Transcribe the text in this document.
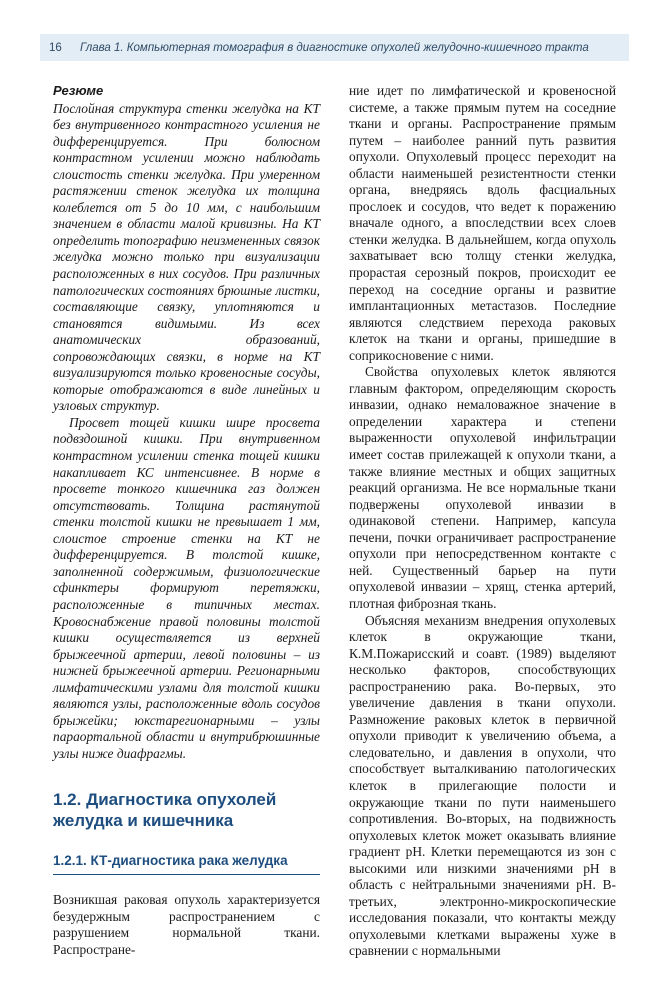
16	Глава 1. Компьютерная томография в диагностике опухолей желудочно-кишечного тракта
Резюме

Послойная структура стенки желудка на КТ без внутривенного контрастного усиления не дифференцируется. При болюсном контрастном усилении можно наблюдать слоистость стенки желудка. При умеренном растяжении стенок желудка их толщина колеблется от 5 до 10 мм, с наибольшим значением в области малой кривизны. На КТ определить топографию неизмененных связок желудка можно только при визуализации расположенных в них сосудов. При различных патологических состояниях брюшные листки, составляющие связку, уплотняются и становятся видимыми. Из всех анатомических образований, сопровождающих связки, в норме на КТ визуализируются только кровеносные сосуды, которые отображаются в виде линейных и узловых структур.

Просвет тощей кишки шире просвета подвздошной кишки. При внутривенном контрастном усилении стенка тощей кишки накапливает КС интенсивнее. В норме в просвете тонкого кишечника газ должен отсутствовать. Толщина растянутой стенки толстой кишки не превышает 1 мм, слоистое строение стенки на КТ не дифференцируется. В толстой кишке, заполненной содержимым, физиологические сфинктеры формируют перетяжки, расположенные в типичных местах. Кровоснабжение правой половины толстой кишки осуществляется из верхней брыжеечной артерии, левой половины – из нижней брыжеечной артерии. Регионарными лимфатическими узлами для толстой кишки являются узлы, расположенные вдоль сосудов брыжейки; юкстарегионарными – узлы параортальной области и внутрибрюшинные узлы ниже диафрагмы.

1.2. Диагностика опухолей желудка и кишечника
1.2.1. КТ-диагностика рака желудка

Возникшая раковая опухоль характеризуется безудержным распространением с разрушением нормальной ткани. Распростране-

ние идет по лимфатической и кровеносной системе, а также прямым путем на соседние ткани и органы. Распространение прямым путем – наиболее ранний путь развития опухоли. Опухолевый процесс переходит на области наименьшей резистентности стенки органа, внедряясь вдоль фасциальных прослоек и сосудов, что ведет к поражению вначале одного, а впоследствии всех слоев стенки желудка. В дальнейшем, когда опухоль захватывает всю толщу стенки желудка, прорастая серозный покров, происходит ее переход на соседние органы и развитие имплантационных метастазов. Последние являются следствием перехода раковых клеток на ткани и органы, пришедшие в соприкосновение с ними.

Свойства опухолевых клеток являются главным фактором, определяющим скорость инвазии, однако немаловажное значение в определении характера и степени выраженности опухолевой инфильтрации имеет состав прилежащей к опухоли ткани, а также влияние местных и общих защитных реакций организма. Не все нормальные ткани подвержены опухолевой инвазии в одинаковой степени. Например, капсула печени, почки ограничивает распространение опухоли при непосредственном контакте с ней. Существенный барьер на пути опухолевой инвазии – хрящ, стенка артерий, плотная фиброзная ткань.

Объясняя механизм внедрения опухолевых клеток в окружающие ткани, К.М.Пожарисский и соавт. (1989) выделяют несколько факторов, способствующих распространению рака. Во-первых, это увеличение давления в ткани опухоли. Размножение раковых клеток в первичной опухоли приводит к увеличению объема, а следовательно, и давления в опухоли, что способствует выталкиванию патологических клеток в прилегающие полости и окружающие ткани по пути наименьшего сопротивления. Во-вторых, на подвижность опухолевых клеток может оказывать влияние градиент pH. Клетки перемещаются из зон с высокими или низкими значениями pH в область с нейтральными значениями pH. В-третьих, электронно-микроскопические исследования показали, что контакты между опухолевыми клетками выражены хуже в сравнении с нормальными
